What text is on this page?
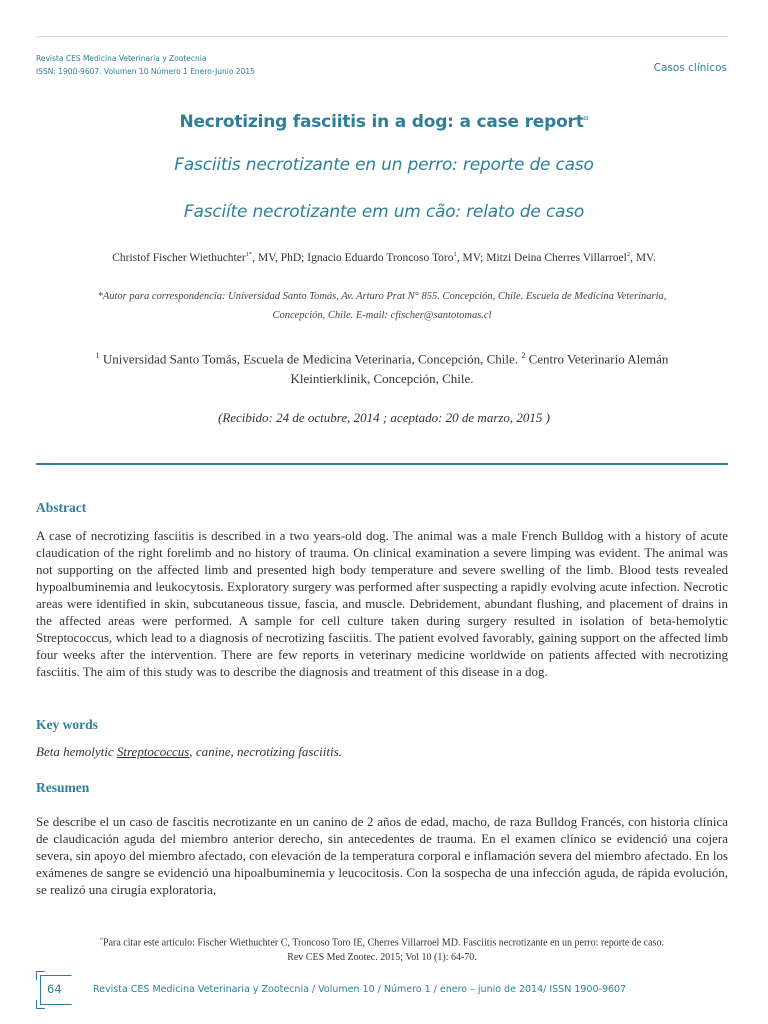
Revista CES Medicina Veterinaria y Zootecnia
ISSN: 1900-9607. Volumen 10 Número 1 Enero-Junio 2015	Casos clínicos
Necrotizing fasciitis in a dog: a case report¤
Fasciitis necrotizante en un perro: reporte de caso
Fasciíte necrotizante em um cão: relato de caso
Christof Fischer Wiethuchter$^{1*}$, MV, PhD; Ignacio Eduardo Troncoso Toro$^1$, MV; Mitzi Deina Cherres Villarroel$^2$, MV.
*Autor para correspondencia: Universidad Santo Tomás, Av. Arturo Prat N° 855. Concepción, Chile. Escuela de Medicina Veterinaria,
Concepción, Chile. E-mail: cfischer@santotomas.cl
$^1$ Universidad Santo Tomás, Escuela de Medicina Veterinaria, Concepción, Chile. $^2$ Centro Veterinario Alemán
Kleintierklinik, Concepción, Chile.
(Recibido: 24 de octubre, 2014 ; aceptado: 20 de marzo, 2015 )
Abstract
A case of necrotizing fasciitis is described in a two years-old dog. The animal was a male French Bulldog with a history of acute claudication of the right forelimb and no history of trauma. On clinical examination a severe limping was evident. The animal was not supporting on the affected limb and presented high body temperature and severe swelling of the limb. Blood tests revealed hypoalbuminemia and leukocytosis. Exploratory surgery was performed after suspecting a rapidly evolving acute infection. Necrotic areas were identified in skin, subcutaneous tissue, fascia, and muscle. Debridement, abundant flushing, and placement of drains in the affected areas were performed. A sample for cell culture taken during surgery resulted in isolation of beta-hemolytic Streptococcus, which lead to a diagnosis of necrotizing fasciitis. The patient evolved favorably, gaining support on the affected limb four weeks after the intervention. There are few reports in veterinary medicine worldwide on patients affected with necrotizing fasciitis. The aim of this study was to describe the diagnosis and treatment of this disease in a dog.
Key words
Beta hemolytic Streptococcus, canine, necrotizing fasciitis.
Resumen
Se describe el un caso de fascitis necrotizante en un canino de 2 años de edad, macho, de raza Bulldog Francés, con historia clínica de claudicación aguda del miembro anterior derecho, sin antecedentes de trauma. En el examen clínico se evidenció una cojera severa, sin apoyo del miembro afectado, con elevación de la temperatura corporal e inflamación severa del miembro afectado. En los exámenes de sangre se evidenció una hipoalbuminemia y leucocitosis. Con la sospecha de una infección aguda, de rápida evolución, se realizó una cirugía exploratoria,
¤Para citar este artículo: Fischer Wiethuchter C, Troncoso Toro IE, Cherres Villarroel MD. Fasciitis necrotizante en un perro: reporte de caso.
Rev CES Med Zootec. 2015; Vol 10 (1): 64-70.
64	Revista CES Medicina Veterinaria y Zootecnia / Volumen 10 / Número 1 / enero – junio de 2014/ ISSN 1900-9607
